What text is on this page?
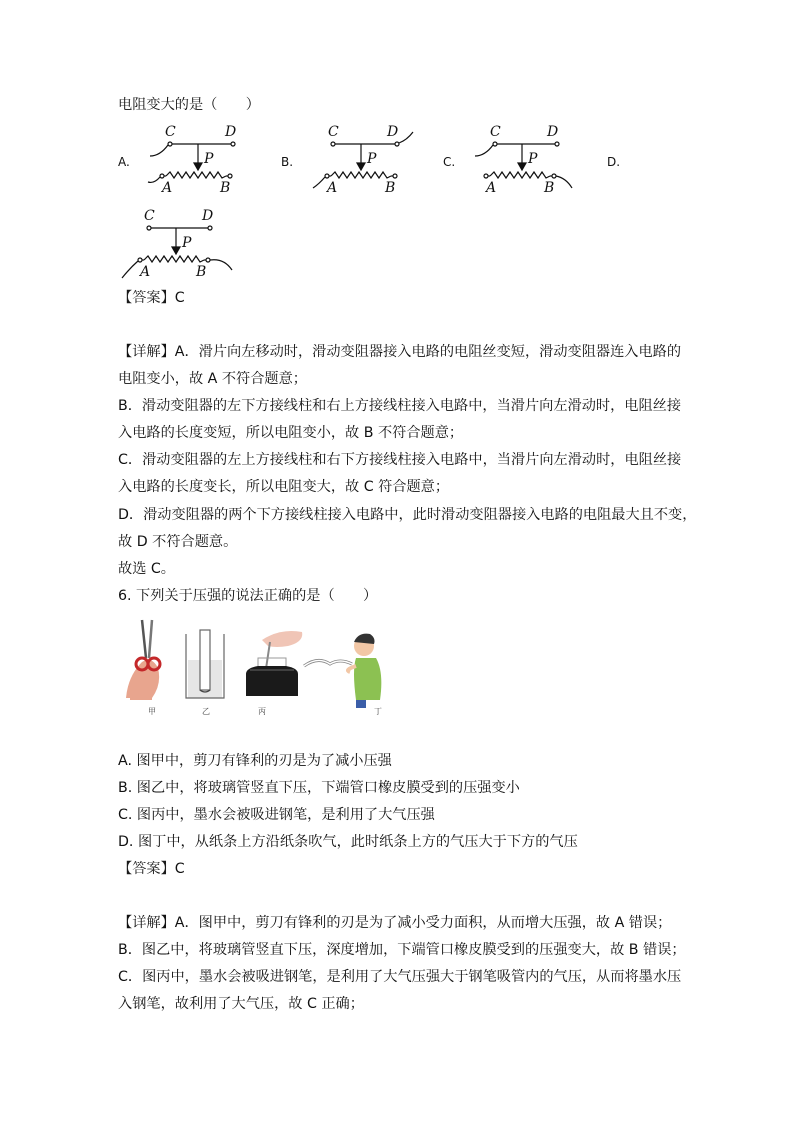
电阻变大的是（　　）
A.	B.	C.	D.
C	D
P
A	B
C	D
P
A	B
C	D
P
A	B
C	D
P
A	B
【答案】C
【详解】A．滑片向左移动时，滑动变阻器接入电路的电阻丝变短，滑动变阻器连入电路的
电阻变小，故 A 不符合题意；
B．滑动变阻器的左下方接线柱和右上方接线柱接入电路中，当滑片向左滑动时，电阻丝接
入电路的长度变短，所以电阻变小，故 B 不符合题意；
C．滑动变阻器的左上方接线柱和右下方接线柱接入电路中，当滑片向左滑动时，电阻丝接
入电路的长度变长，所以电阻变大，故 C 符合题意；
D．滑动变阻器的两个下方接线柱接入电路中，此时滑动变阻器接入电路的电阻最大且不变，
故 D 不符合题意。
故选 C。
6. 下列关于压强的说法正确的是（　　）
甲	乙	丙	丁
A. 图甲中，剪刀有锋利的刃是为了减小压强
B. 图乙中，将玻璃管竖直下压，下端管口橡皮膜受到的压强变小
C. 图丙中，墨水会被吸进钢笔，是利用了大气压强
D. 图丁中，从纸条上方沿纸条吹气，此时纸条上方的气压大于下方的气压
【答案】C
【详解】A．图甲中，剪刀有锋利的刃是为了减小受力面积，从而增大压强，故 A 错误；
B．图乙中，将玻璃管竖直下压，深度增加，下端管口橡皮膜受到的压强变大，故 B 错误；
C．图丙中，墨水会被吸进钢笔，是利用了大气压强大于钢笔吸管内的气压，从而将墨水压
入钢笔，故利用了大气压，故 C 正确；
